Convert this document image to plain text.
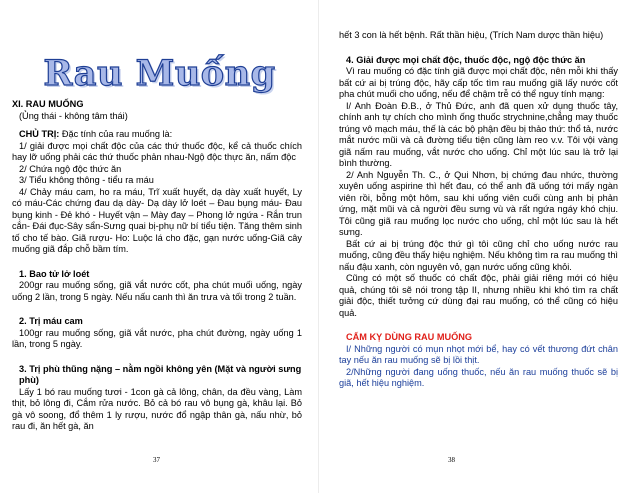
Rau Muống

XI. RAU MUỐNG

(Ủng thái - không tâm thái)

CHỦ TRỊ: Đặc tính của rau muống là:

1/ giải được mọi chất độc của các thứ thuốc độc, kể cả thuốc chích hay lỡ uống phải các thứ thuốc phản nhau-Ngộ độc thực ăn, nấm độc

2/ Chứa ngộ độc thức ăn

3/ Tiểu không thông - tiểu ra máu

4/ Chảy máu cam, ho ra máu, Trĩ xuất huyết, dạ dày xuất huyết, Ly có máu-Các chứng đau dạ dày- Dạ dày lở loét – Đau bụng máu- Đau bụng kinh - Đẻ khó - Huyết vận – Mày đay – Phong lở ngứa - Rắn trun cắn- Đái đục-Sây sẩn-Sưng quai bị-phụ nữ bí tiểu tiện. Tăng thêm sinh tố cho tế bào. Giã rượu- Ho: Luộc lá cho đặc, gạn nước uống-Giã cây muống giã đắp chỗ bầm tím.

1. Bao tử lở loét

200gr rau muống sống, giã vắt nước cốt, pha chút muối uống, ngày uống 2 lần, trong 5 ngày. Nếu nấu canh thì ăn trưa và tối trong 2 tuần.

2. Trị máu cam

100gr rau muống sống, giã vắt nước, pha chút đường, ngày uống 1 lần, trong 5 ngày.

3. Trị phù thũng nặng – nằm ngồi không yên (Mặt và người sưng phù)

Lấy 1 bó rau muống tươi - 1con gà cả lông, chân, da đều vàng, Làm thịt, bỏ lông đi, Cắm rửa nước. Bỏ cả bó rau vô bụng gà, khâu lại. Bỏ gà vô soong, đổ thêm 1 ly rượu, nước đổ ngập thân gà, nấu nhừ, bỏ rau đi, ăn hết gà, ăn

37

hết 3 con là hết bệnh. Rất thần hiệu, (Trích Nam dược thần hiệu)

4. Giải được mọi chất độc, thuốc độc, ngộ độc thức ăn

Vì rau muống có đặc tính giã được mọi chất độc, nên mỗi khi thấy bất cứ ai bị trúng độc, hãy cấp tốc tìm rau muống giã lấy nước cốt pha chút muối cho uống, nếu để chậm trễ có thể nguy tính mạng:

I/ Anh Đoàn Đ.B., ở Thủ Đức, anh đã quen xử dụng thuốc tây, chính anh tự chích cho mình ống thuốc strychnine,chẳng may thuốc trúng vô mạch máu, thế là các bộ phận đều bị thảo thứ: thổ tả, nước mắt nước mũi và cả đường tiểu tiện cũng làm reo v.v. Tôi vội vàng giã nấm rau muống, vắt nước cho uống. Chỉ một lúc sau là trở lại bình thường.

2/ Anh Nguyễn Th. C., ở Qui Nhơn, bị chứng đau nhức, thường xuyên uống aspirine thì hết đau, có thể anh đã uống tới mấy ngàn viên rồi, bỗng một hôm, sau khi uống viên cuối cùng anh bị phản ứng, mặt mũi và cả người đều sưng vù và rất ngứa ngáy khó chịu. Tôi cũng giã rau muống lọc nước cho uống, chỉ một lúc sau là hết sưng.

Bất cứ ai bị trúng độc thứ gì tôi cũng chỉ cho uống nước rau muống, cũng đều thấy hiệu nghiệm. Nếu không tìm ra rau muống thì nấu đậu xanh, còn nguyên vỏ, gạn nước uống cũng khỏi.

Cũng có một số thuốc có chất độc, phải giải riêng mới có hiệu quả, chúng tôi sẽ nói trong tập II, nhưng nhiều khi khó tìm ra chất giải độc, thiết tưởng cứ dùng đại rau muống, có thể cũng có hiệu quả.

CẤM KỴ DÙNG RAU MUỐNG

I/ Những người có mụn nhọt mới bể, hay có vết thương đứt chân tay nếu ăn rau muống sẽ bị lồi thịt.

2/Những người đang uống thuốc, nếu ăn rau muống thuốc sẽ bị giã, hết hiệu nghiệm.

38
